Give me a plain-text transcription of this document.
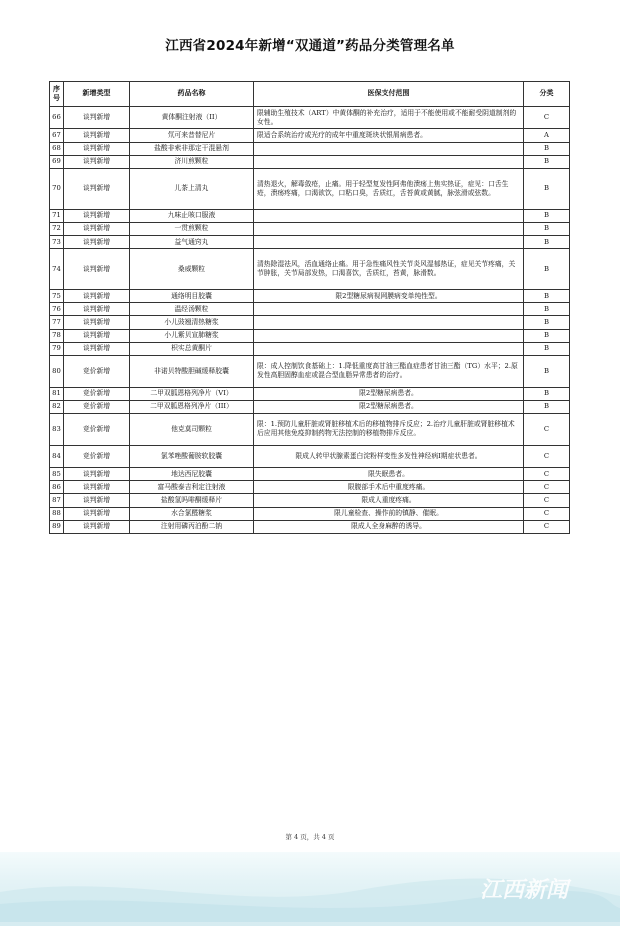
江西省2024年新增“双通道”药品分类管理名单
序号	新增类型	药品名称	医保支付范围	分类
66	谈判新增	黄体酮注射液（II）	限辅助生殖技术（ART）中黄体酮的补充治疗，适用于不能使用或不能耐受阴道制剂的女性。	C
67	谈判新增	氘可来昔替尼片	限适合系统治疗或光疗的成年中重度斑块状银屑病患者。	A
68	谈判新增	盐酸非索非那定干混悬剂		B
69	谈判新增	济川煎颗粒		B
70	谈判新增	儿茶上清丸	清热退火，解毒敛疮，止痛。用于轻型复发性阿弗他溃疡上焦实热证，症见：口舌生疮，溃疡疼痛，口渴欲饮，口粘口臭，舌质红，舌苔黄或黄腻，脉弦滑或弦数。	B
71	谈判新增	九味止咳口服液		B
72	谈判新增	一贯煎颗粒		B
73	谈判新增	益气通窍丸		B
74	谈判新增	桑威颗粒	清热除湿祛风，活血通络止痛。用于急性痛风性关节炎风湿郁热证，症见关节疼痛，关节肿胀，关节局部发热，口渴喜饮，舌质红，苔黄，脉滑数。	B
75	谈判新增	通络明目胶囊	限2型糖尿病视网膜病变单纯性型。	B
76	谈判新增	温经汤颗粒		B
77	谈判新增	小儿豉翘清热糖浆		B
78	谈判新增	小儿紫贝宣肺糖浆		B
79	谈判新增	枳实总黄酮片		B
80	竞价新增	非诺贝特酸胆碱缓释胶囊	限：成人控制饮食基础上：1.降低重度高甘油三酯血症患者甘油三酯（TG）水平；2.原发性高胆固醇血症或混合型血脂异常患者的治疗。	B
81	竞价新增	二甲双胍恩格列净片（VI）	限2型糖尿病患者。	B
82	竞价新增	二甲双胍恩格列净片（III）	限2型糖尿病患者。	B
83	竞价新增	他克莫司颗粒	限：1.预防儿童肝脏或肾脏移植术后的移植物排斥反应；2.治疗儿童肝脏或肾脏移植术后应用其他免疫抑制药物无法控制的移植物排斥反应。	C
84	竞价新增	氯苯唑酸葡胺软胶囊	限成人转甲状腺素蛋白淀粉样变性多发性神经病Ⅰ期症状患者。	C
85	谈判新增	地达西尼胶囊	限失眠患者。	C
86	谈判新增	富马酸泰吉利定注射液	限腹部手术后中重度疼痛。	C
87	谈判新增	盐酸氢吗啡酮缓释片	限成人重度疼痛。	C
88	谈判新增	水合氯醛糖浆	限儿童检查、操作前的镇静、催眠。	C
89	谈判新增	注射用磷丙泊酚二钠	限成人全身麻醉的诱导。	C
第 4 页，共 4 页
江西新闻
